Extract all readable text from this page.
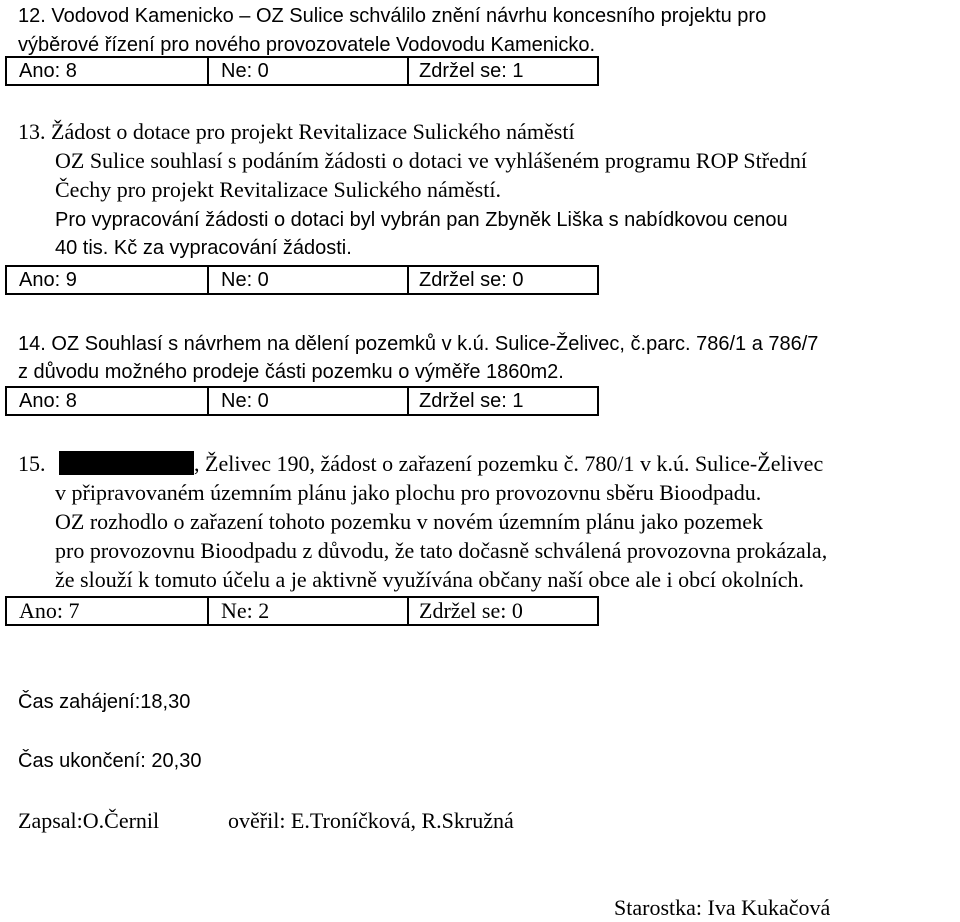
12. Vodovod Kamenicko – OZ Sulice schválilo znění návrhu koncesního projektu pro
výběrové řízení pro nového provozovatele Vodovodu Kamenicko.
Ano: 8	Ne: 0	Zdržel se: 1
13. Žádost o dotace pro projekt Revitalizace Sulického náměstí
OZ Sulice souhlasí s podáním žádosti o dotaci ve vyhlášeném programu ROP Střední
Čechy pro projekt Revitalizace Sulického náměstí.
Pro vypracování žádosti o dotaci byl vybrán pan Zbyněk Liška s nabídkovou cenou
40 tis. Kč za vypracování žádosti.
Ano: 9	Ne: 0	Zdržel se: 0
14. OZ Souhlasí s návrhem na dělení pozemků v k.ú. Sulice-Želivec, č.parc. 786/1 a 786/7
z důvodu možného prodeje části pozemku o výměře 1860m2.
Ano: 8	Ne: 0	Zdržel se: 1
15.	, Želivec 190, žádost o zařazení pozemku č. 780/1 v k.ú. Sulice-Želivec
v připravovaném územním plánu jako plochu pro provozovnu sběru Bioodpadu.
OZ rozhodlo o zařazení tohoto pozemku v novém územním plánu jako pozemek
pro provozovnu Bioodpadu z důvodu, že tato dočasně schválená provozovna prokázala,
že slouží k tomuto účelu a je aktivně využívána občany naší obce ale i obcí okolních.
Ano: 7	Ne: 2	Zdržel se: 0
Čas zahájení:18,30
Čas ukončení: 20,30
Zapsal:O.Černil	ověřil: E.Troníčková, R.Skružná
Starostka: Iva Kukačová
